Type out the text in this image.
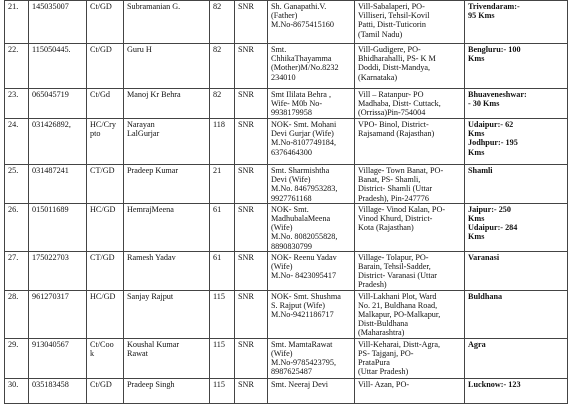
21.	145035007	Ct/GD	Subramanian G.	82	SNR	Sh. Ganapathi.V.
(Father)
M.No-8675415160	Vill-Sabalaperi, PO-
Villiseri, Tehsil-Kovil
Patti, Distt-Tuticorin
(Tamil Nadu)	Trivendaram:-
95 Kms
22.	115050445.	Ct/GD	Guru H	82	SNR	Smt.
ChhikaThayamma
(Mother)M/No.8232
234010	Vill-Gudigere, PO-
Bhidharahalli, PS- K M
Doddi, Distt-Mandya,
(Karnataka)	Bengluru:- 100
Kms
23.	065045719	Ct/Gd	Manoj Kr Behra	82	SNR	Smt Ililata Behra ,
Wife- M0b No-
9938179958	Vill – Ratanpur- PO
Madhaba, Distt- Cuttack,
(Orrissa)Pin-754004	Bhuaveneshwar:
- 30 Kms
24.	031426892,	HC/Cry
pto	Narayan
LalGurjar	118	SNR	NOK- Smt. Mohani
Devi Gurjar (Wife)
M.No-8107749184,
6376464300	VPO- Binol, District-
Rajsamand (Rajasthan)	Udaipur:- 62
Kms
Jodhpur:- 195
Kms
25.	031487241	CT/GD	Pradeep Kumar	21	SNR	Smt. Sharmishtha
Devi (Wife)
M.No. 8467953283,
9927761168	Village- Town Banat, PO-
Banat, PS- Shamli,
District- Shamli (Uttar
Pradesh), Pin-247776	Shamli
26.	015011689	HC/GD	HemrajMeena	61	SNR	NOK- Smt.
MadhubalaMeena
(Wife)
M.No. 8082055828,
8890830799	Village- Vinod Kalan, PO-
Vinod Khurd, District-
Kota (Rajasthan)	Jaipur:- 250
Kms
Udaipur:- 284
Kms
27.	175022703	CT/GD	Ramesh Yadav	61	SNR	NOK- Reenu Yadav
(Wife)
M.No- 8423095417	Village- Tolapur, PO-
Barain, Tehsil-Sadder,
District- Varanasi (Uttar
Pradesh)	Varanasi
28.	961270317	HC/GD	Sanjay Rajput	115	SNR	NOK- Smt. Shushma
S. Rajput (Wife)
M.No-9421186717	Vill-Lakhani Plot, Ward
No. 21, Buldhana Road,
Malkapur, PO-Malkapur,
Distt-Buldhana
(Maharashtra)	Buldhana
29.	913040567	Ct/Coo
k	Koushal Kumar
Rawat	115	SNR	Smt. MamtaRawat
(Wife)
M.No-9785423795,
8987625487	Vill-Keharai, Distt-Agra,
PS- Tajganj, PO-
PrataPura
(Uttar Pradesh)	Agra
30.	035183458	Ct/GD	Pradeep Singh	115	SNR	Smt. Neeraj Devi	Vill- Azan, PO-	Lucknow:- 123
